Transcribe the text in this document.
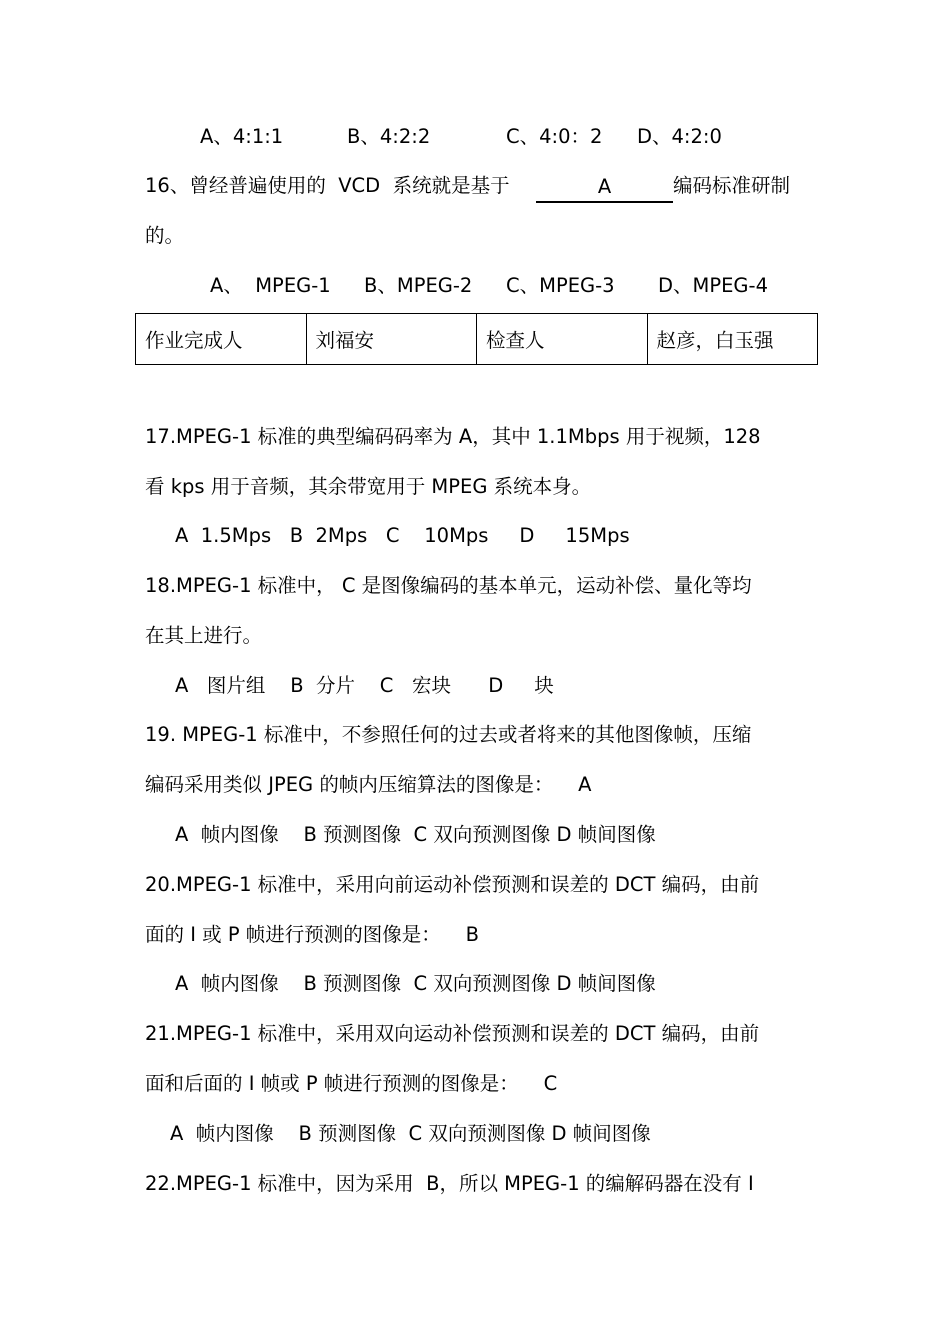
A、4:1:1	B、4:2:2	C、4:0：2 D、4:2:0
16、曾经普遍使用的  VCD  系统就是基于	A	编码标准研制
的。
A、  MPEG-1 B、MPEG-2 C、MPEG-3 D、MPEG-4
作业完成人	刘福安	检查人	赵彦，白玉强
17.MPEG-1 标准的典型编码码率为 A，其中 1.1Mbps 用于视频，128
看 kps 用于音频，其余带宽用于 MPEG 系统本身。
A  1.5Mps   B  2Mps   C    10Mps     D     15Mps
18.MPEG-1 标准中， C 是图像编码的基本单元，运动补偿、量化等均
在其上进行。
A   图片组    B  分片    C   宏块      D     块
19. MPEG-1 标准中，不参照任何的过去或者将来的其他图像帧，压缩
编码采用类似 JPEG 的帧内压缩算法的图像是：    A
A  帧内图像    B 预测图像  C 双向预测图像 D 帧间图像
20.MPEG-1 标准中，采用向前运动补偿预测和误差的 DCT 编码，由前
面的 I 或 P 帧进行预测的图像是：    B
A  帧内图像    B 预测图像  C 双向预测图像 D 帧间图像
21.MPEG-1 标准中，采用双向运动补偿预测和误差的 DCT 编码，由前
面和后面的 I 帧或 P 帧进行预测的图像是：    C
A  帧内图像    B 预测图像  C 双向预测图像 D 帧间图像
22.MPEG-1 标准中，因为采用  B，所以 MPEG-1 的编解码器在没有 I
